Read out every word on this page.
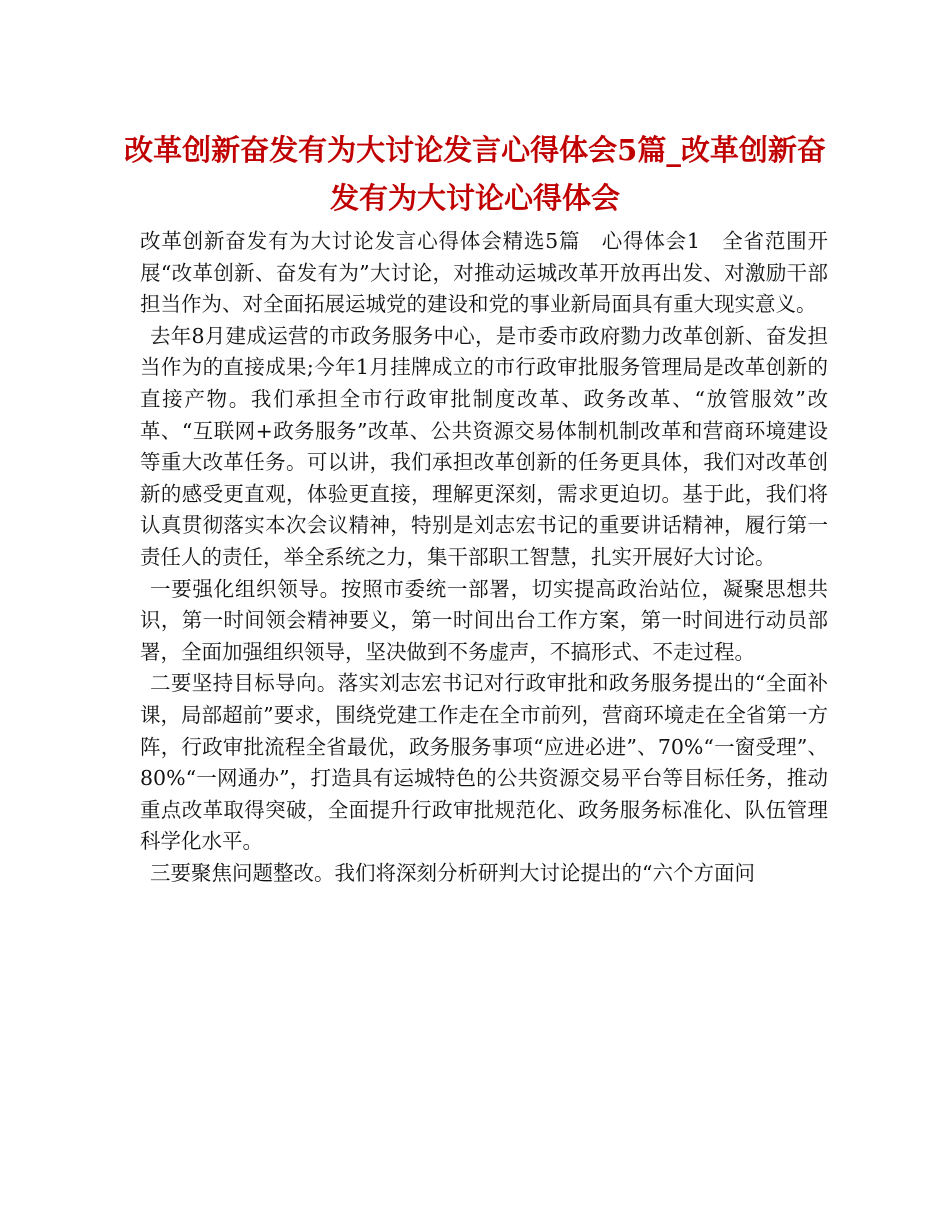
改革创新奋发有为大讨论发言心得体会5篇_改革创新奋发有为大讨论心得体会

改革创新奋发有为大讨论发言心得体会精选5篇　心得体会1　全省范围开展“改革创新、奋发有为”大讨论，对推动运城改革开放再出发、对激励干部担当作为、对全面拓展运城党的建设和党的事业新局面具有重大现实意义。

去年8月建成运营的市政务服务中心，是市委市政府勠力改革创新、奋发担当作为的直接成果;今年1月挂牌成立的市行政审批服务管理局是改革创新的直接产物。我们承担全市行政审批制度改革、政务改革、“放管服效”改革、“互联网+政务服务”改革、公共资源交易体制机制改革和营商环境建设等重大改革任务。可以讲，我们承担改革创新的任务更具体，我们对改革创新的感受更直观，体验更直接，理解更深刻，需求更迫切。基于此，我们将认真贯彻落实本次会议精神，特别是刘志宏书记的重要讲话精神，履行第一责任人的责任，举全系统之力，集干部职工智慧，扎实开展好大讨论。

一要强化组织领导。按照市委统一部署，切实提高政治站位，凝聚思想共识，第一时间领会精神要义，第一时间出台工作方案，第一时间进行动员部署，全面加强组织领导，坚决做到不务虚声，不搞形式、不走过程。

二要坚持目标导向。落实刘志宏书记对行政审批和政务服务提出的“全面补课，局部超前”要求，围绕党建工作走在全市前列，营商环境走在全省第一方阵，行政审批流程全省最优，政务服务事项“应进必进”、70%“一窗受理”、80%“一网通办”，打造具有运城特色的公共资源交易平台等目标任务，推动重点改革取得突破，全面提升行政审批规范化、政务服务标准化、队伍管理科学化水平。

三要聚焦问题整改。我们将深刻分析研判大讨论提出的“六个方面问
